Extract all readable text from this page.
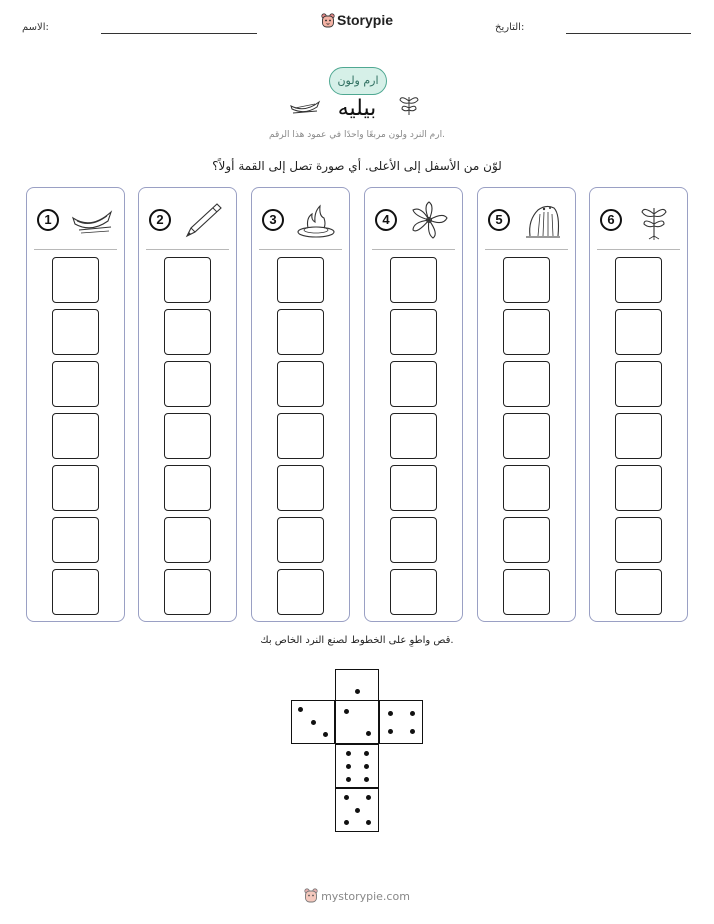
الاسم:	التاريخ:
Storypie
ارم ولون
بيليه
ارم النرد ولون مربعًا واحدًا في عمود هذا الرقم.
لوّن من الأسفل إلى الأعلى. أي صورة تصل إلى القمة أولاً؟
1	2	3	4	5	6
قص واطوِ على الخطوط لصنع النرد الخاص بك.
mystorypie.com
